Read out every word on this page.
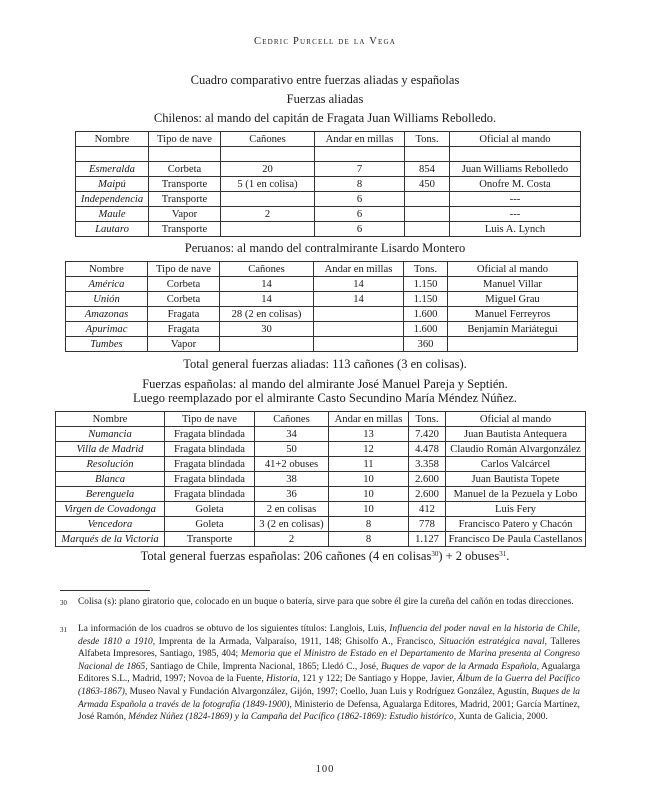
Cedric Purcell de la Vega
Cuadro comparativo entre fuerzas aliadas y españolas
Fuerzas aliadas
Chilenos: al mando del capitán de Fragata Juan Williams Rebolledo.
Nombre	Tipo de nave	Cañones	Andar en millas	Tons.	Oficial al mando

Esmeralda	Corbeta	20	7	854	Juan Williams Rebolledo
Maipú	Transporte	5 (1 en colisa)	8	450	Onofre M. Costa
Independencia	Transporte		6		---
Maule	Vapor	2	6		---
Lautaro	Transporte		6		Luis A. Lynch
Peruanos: al mando del contralmirante Lisardo Montero
Nombre	Tipo de nave	Cañones	Andar en millas	Tons.	Oficial al mando
América	Corbeta	14	14	1.150	Manuel Villar
Unión	Corbeta	14	14	1.150	Miguel Grau
Amazonas	Fragata	28 (2 en colisas)		1.600	Manuel Ferreyros
Apurimac	Fragata	30		1.600	Benjamín Mariátegui
Tumbes	Vapor			360	
Total general fuerzas aliadas: 113 cañones (3 en colisas).
Fuerzas españolas: al mando del almirante José Manuel Pareja y Septién.
Luego reemplazado por el almirante Casto Secundino María Méndez Núñez.
Nombre	Tipo de nave	Cañones	Andar en millas	Tons.	Oficial al mando
Numancia	Fragata blindada	34	13	7.420	Juan Bautista Antequera
Villa de Madrid	Fragata blindada	50	12	4.478	Claudio Román Alvargonzález
Resolución	Fragata blindada	41+2 obuses	11	3.358	Carlos Valcárcel
Blanca	Fragata blindada	38	10	2.600	Juan Bautista Topete
Berenguela	Fragata blindada	36	10	2.600	Manuel de la Pezuela y Lobo
Virgen de Covadonga	Goleta	2 en colisas	10	412	Luis Fery
Vencedora	Goleta	3 (2 en colisas)	8	778	Francisco Patero y Chacón
Marqués de la Victoria	Transporte	2	8	1.127	Francisco De Paula Castellanos
Total general fuerzas españolas: 206 cañones (4 en colisas$^{30}$) + 2 obuses$^{31}$.
30 Colisa (s): plano giratorio que, colocado en un buque o batería, sirve para que sobre él gire la cureña del cañón en todas direcciones.
31 La información de los cuadros se obtuvo de los siguientes títulos: Langlois, Luis, Influencia del poder naval en la historia de Chile, desde 1810 a 1910, Imprenta de la Armada, Valparaíso, 1911, 148; Ghisolfo A., Francisco, Situación estratégica naval, Talleres Alfabeta Impresores, Santiago, 1985, 404; Memoria que el Ministro de Estado en el Departamento de Marina presenta al Congreso Nacional de 1865, Santiago de Chile, Imprenta Nacional, 1865; Lledó C., José, Buques de vapor de la Armada Española, Agualarga Editores S.L., Madrid, 1997; Novoa de la Fuente, Historia, 121 y 122; De Santiago y Hoppe, Javier, Álbum de la Guerra del Pacífico (1863-1867), Museo Naval y Fundación Alvargonzález, Gijón, 1997; Coello, Juan Luis y Rodríguez González, Agustín, Buques de la Armada Española a través de la fotografía (1849-1900), Ministerio de Defensa, Agualarga Editores, Madrid, 2001; García Martínez, José Ramón, Méndez Núñez (1824-1869) y la Campaña del Pacífico (1862-1869): Estudio histórico, Xunta de Galicia, 2000.
100
